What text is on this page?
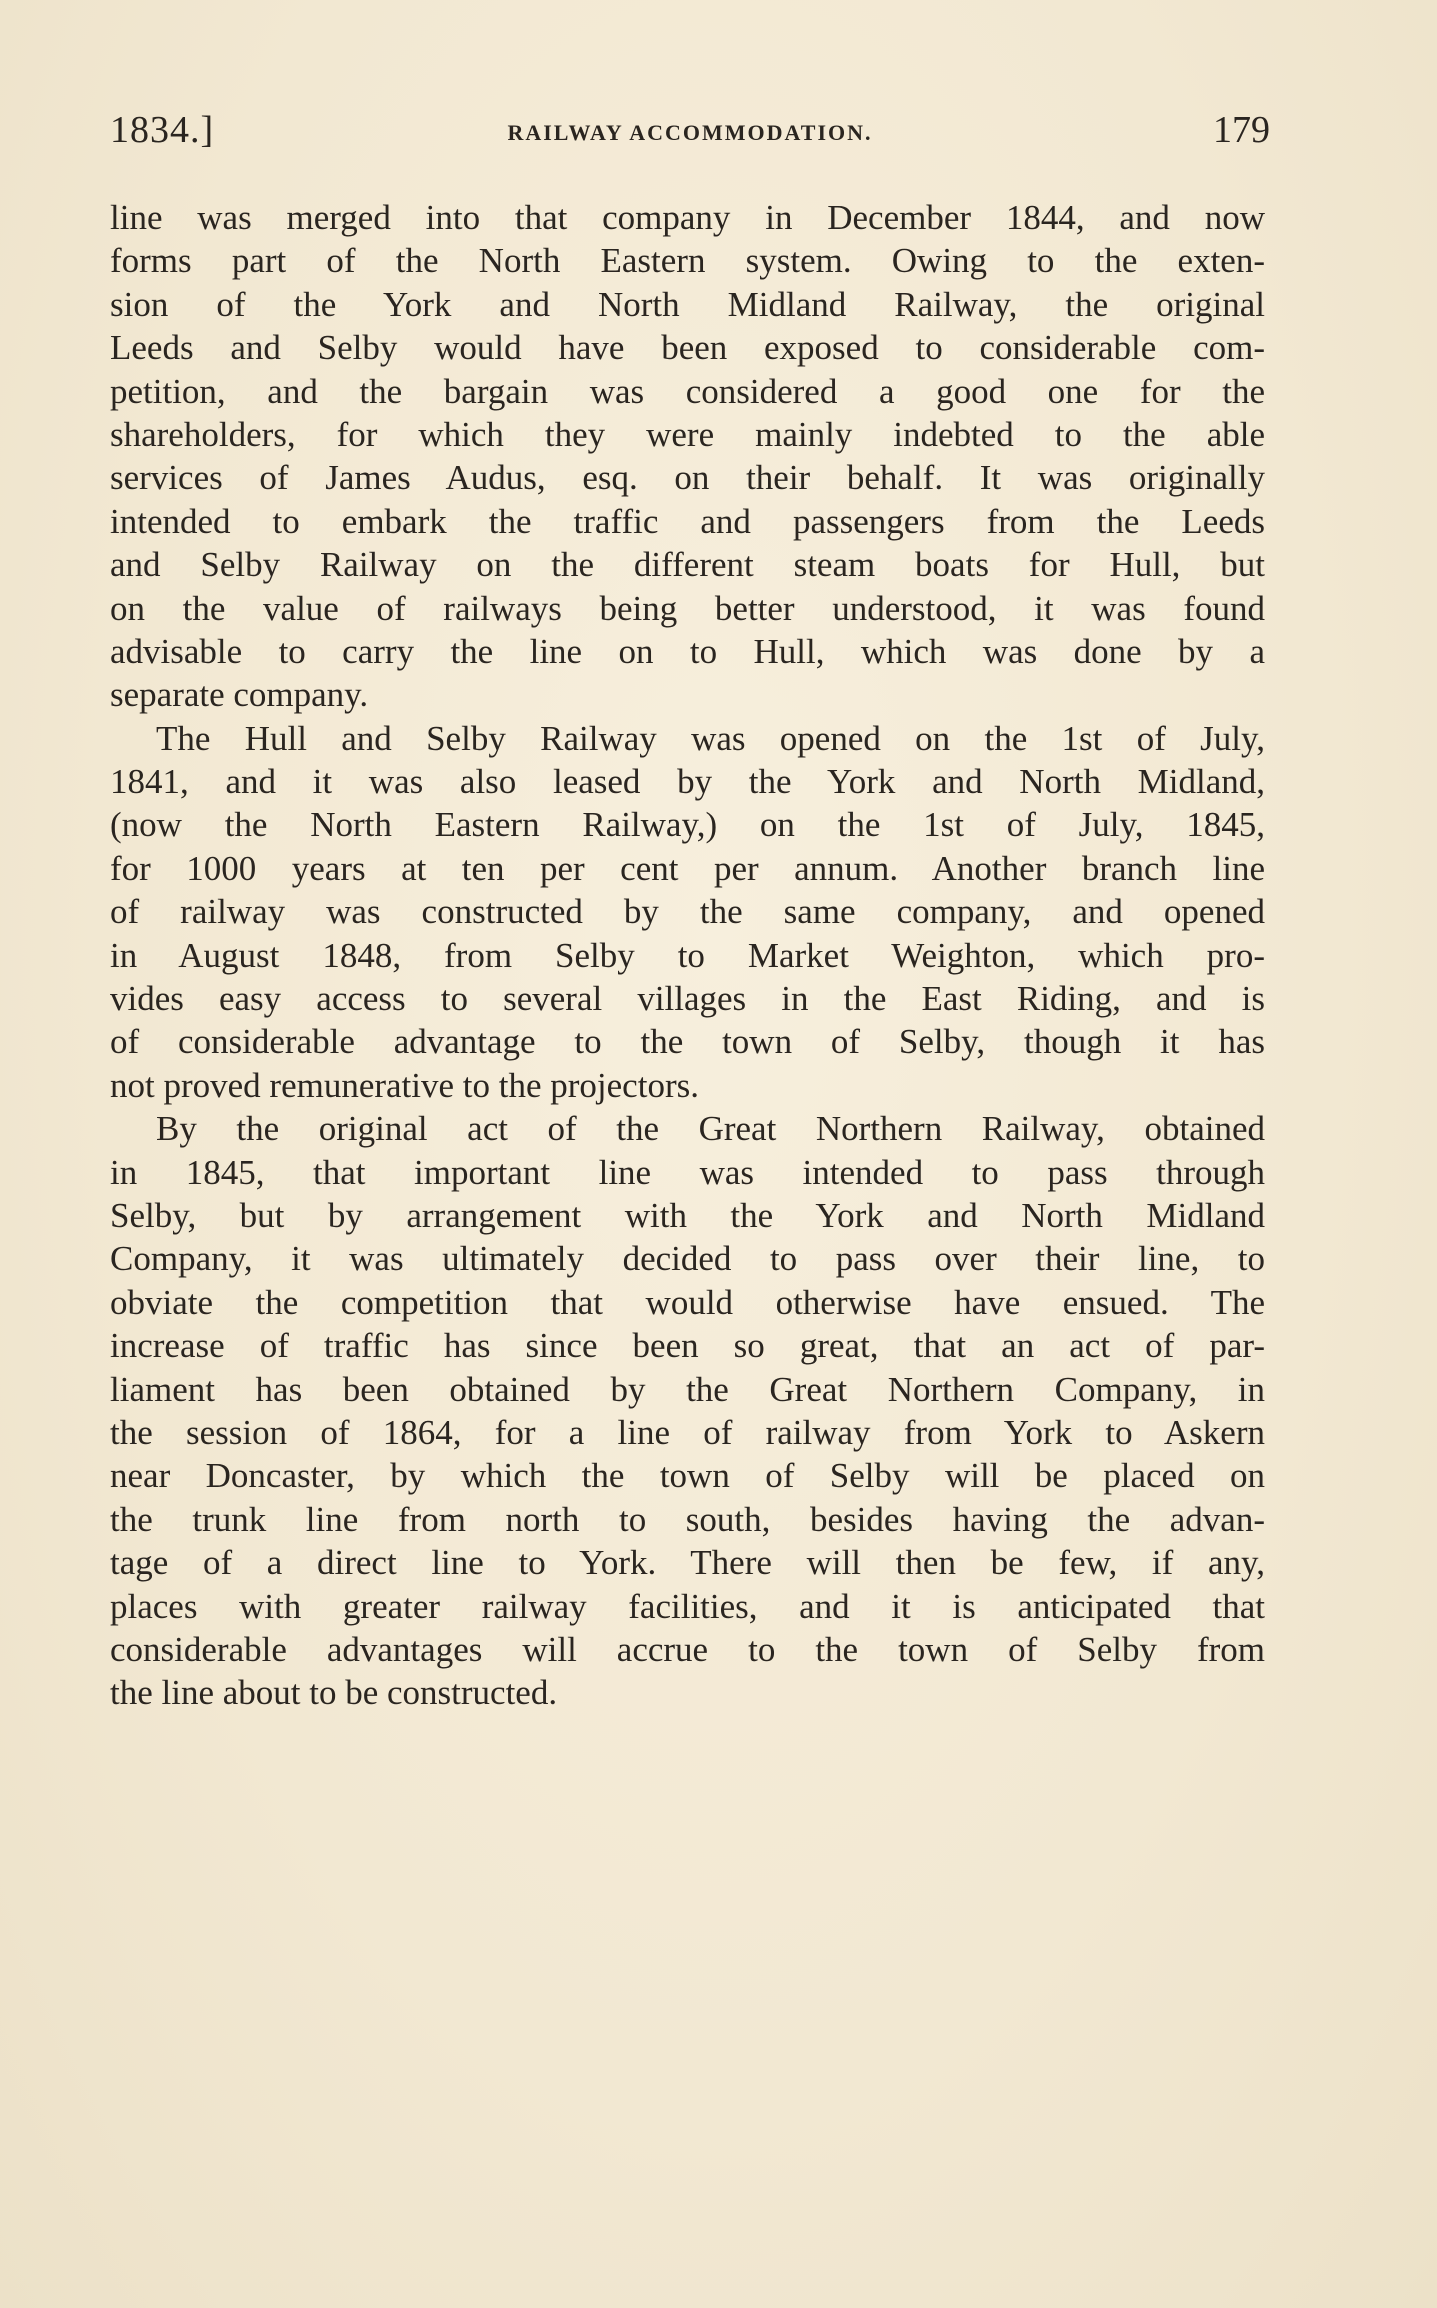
1834.]	RAILWAY ACCOMMODATION.	179
line was merged into that company in December 1844, and now
forms part of the North Eastern system. Owing to the exten-
sion of the York and North Midland Railway, the original
Leeds and Selby would have been exposed to considerable com-
petition, and the bargain was considered a good one for the
shareholders, for which they were mainly indebted to the able
services of James Audus, esq. on their behalf. It was originally
intended to embark the traffic and passengers from the Leeds
and Selby Railway on the different steam boats for Hull, but
on the value of railways being better understood, it was found
advisable to carry the line on to Hull, which was done by a
separate company.
The Hull and Selby Railway was opened on the 1st of July,
1841, and it was also leased by the York and North Midland,
(now the North Eastern Railway,) on the 1st of July, 1845,
for 1000 years at ten per cent per annum. Another branch line
of railway was constructed by the same company, and opened
in August 1848, from Selby to Market Weighton, which pro-
vides easy access to several villages in the East Riding, and is
of considerable advantage to the town of Selby, though it has
not proved remunerative to the projectors.
By the original act of the Great Northern Railway, obtained
in 1845, that important line was intended to pass through
Selby, but by arrangement with the York and North Midland
Company, it was ultimately decided to pass over their line, to
obviate the competition that would otherwise have ensued. The
increase of traffic has since been so great, that an act of par-
liament has been obtained by the Great Northern Company, in
the session of 1864, for a line of railway from York to Askern
near Doncaster, by which the town of Selby will be placed on
the trunk line from north to south, besides having the advan-
tage of a direct line to York. There will then be few, if any,
places with greater railway facilities, and it is anticipated that
considerable advantages will accrue to the town of Selby from
the line about to be constructed.
